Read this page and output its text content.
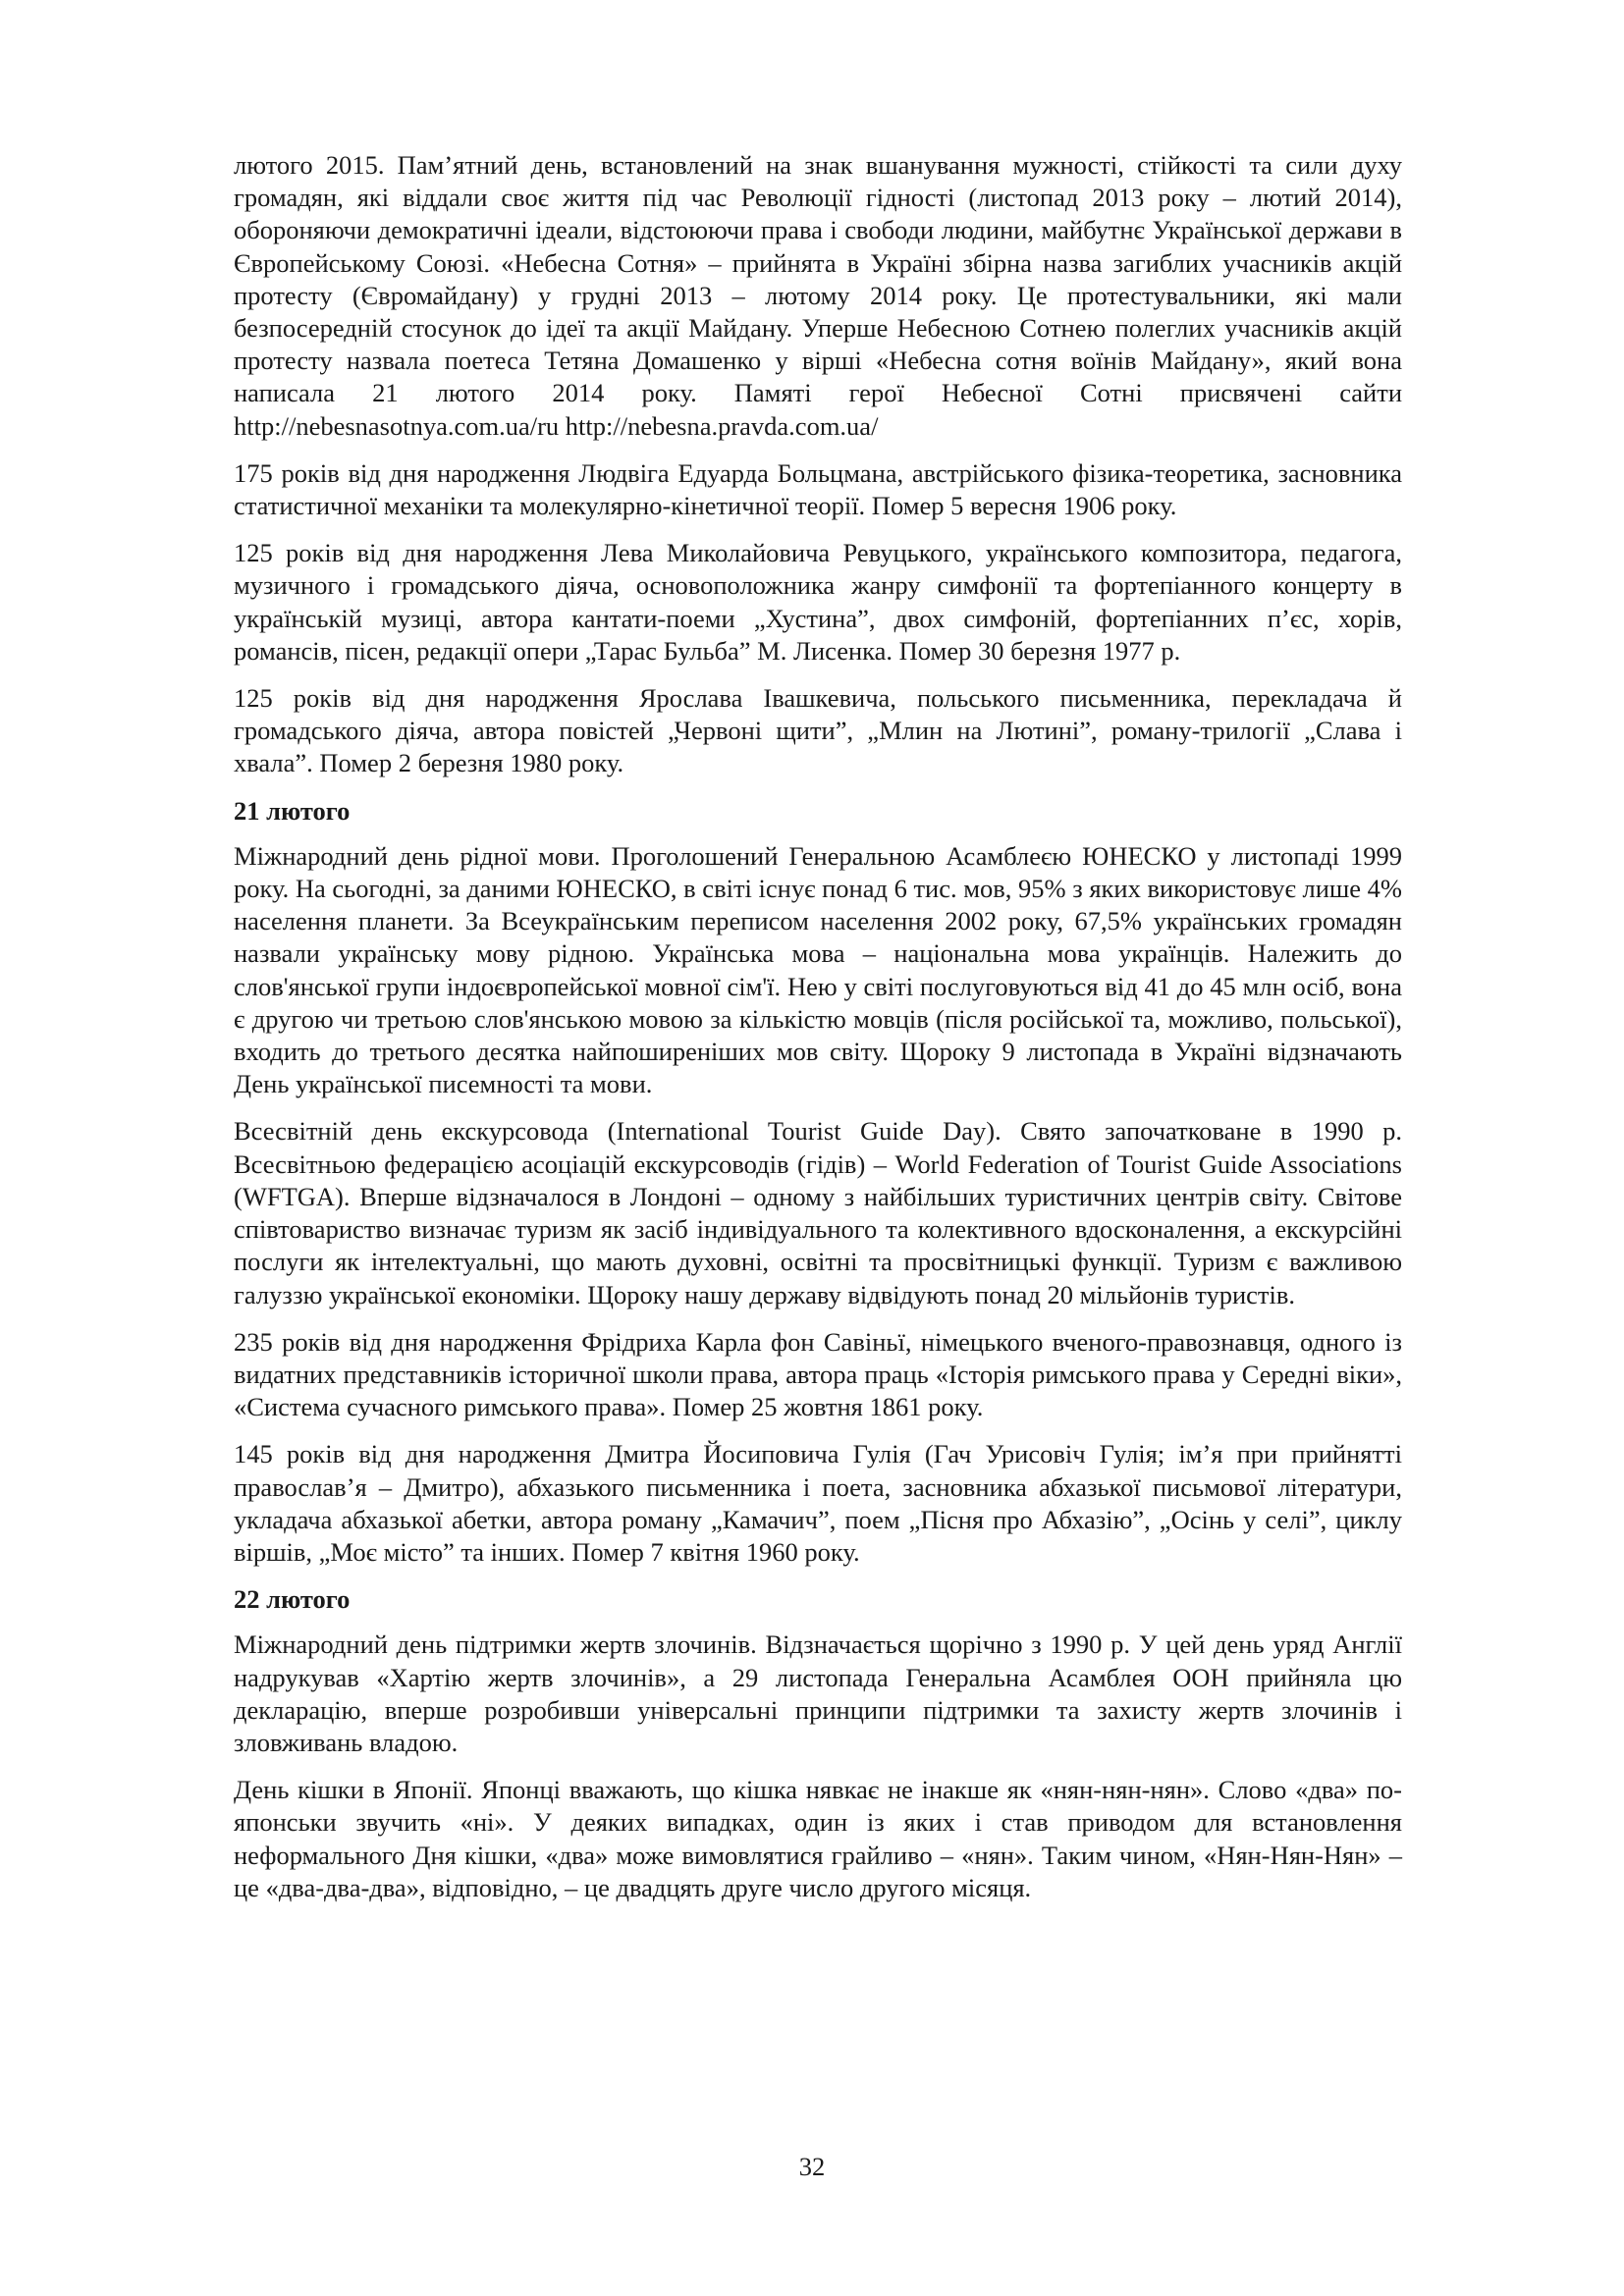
лютого 2015. Пам’ятний день, встановлений на знак вшанування мужності, стійкості та сили духу громадян, які віддали своє життя під час Революції гідності (листопад 2013 року – лютий 2014), обороняючи демократичні ідеали, відстоюючи права і свободи людини, майбутнє Української держави в Європейському Союзі. «Небесна Сотня» – прийнята в Україні збірна назва загиблих учасників акцій протесту (Євромайдану) у грудні 2013 – лютому 2014 року. Це протестувальники, які мали безпосередній стосунок до ідеї та акції Майдану. Уперше Небесною Сотнею полеглих учасників акцій протесту назвала поетеса Тетяна Домашенко у вірші «Небесна сотня воїнів Майдану», який вона написала 21 лютого 2014 року. Памяті герої Небесної Сотні присвячені сайти http://nebesnasotnya.com.ua/ru http://nebesna.pravda.com.ua/

175 років від дня народження Людвіга Едуарда Больцмана, австрійського фізика-теоретика, засновника статистичної механіки та молекулярно-кінетичної теорії. Помер 5 вересня 1906 року.

125 років від дня народження Лева Миколайовича Ревуцького, українського композитора, педагога, музичного і громадського діяча, основоположника жанру симфонії та фортепіанного концерту в українській музиці, автора кантати-поеми „Хустина”, двох симфоній, фортепіанних п’єс, хорів, романсів, пісен, редакції опери „Тарас Бульба” М. Лисенка. Помер 30 березня 1977 р.

125 років від дня народження Ярослава Івашкевича, польського письменника, перекладача й громадського діяча, автора повістей „Червоні щити”, „Млин на Лютині”, роману-трилогії „Слава і хвала”. Помер 2 березня 1980 року.

21 лютого

Міжнародний день рідної мови. Проголошений Генеральною Асамблеєю ЮНЕСКО у листопаді 1999 року. На сьогодні, за даними ЮНЕСКО, в світі існує понад 6 тис. мов, 95% з яких використовує лише 4% населення планети. За Всеукраїнським переписом населення 2002 року, 67,5% українських громадян назвали українську мову рідною. Українська мова – національна мова українців. Належить до слов'янської групи індоєвропейської мовної сім'ї. Нею у світі послуговуються від 41 до 45 млн осіб, вона є другою чи третьою слов'янською мовою за кількістю мовців (після російської та, можливо, польської), входить до третього десятка найпоширеніших мов світу. Щороку 9 листопада в Україні відзначають День української писемності та мови.

Всесвітній день екскурсовода (International Tourist Guide Day). Свято започатковане в 1990 р. Всесвітньою федерацією асоціацій екскурсоводів (гідів) – World Federation of Tourist Guide Associations (WFTGA). Вперше відзначалося в Лондоні – одному з найбільших туристичних центрів світу. Світове співтовариство визначає туризм як засіб індивідуального та колективного вдосконалення, а екскурсійні послуги як інтелектуальні, що мають духовні, освітні та просвітницькі функції. Туризм є важливою галуззю української економіки. Щороку нашу державу відвідують понад 20 мільйонів туристів.

235 років від дня народження Фрідриха Карла фон Савіньї, німецького вченого-правознавця, одного із видатних представників історичної школи права, автора праць «Історія римського права у Середні віки», «Система сучасного римського права». Помер 25 жовтня 1861 року.

145 років від дня народження Дмитра Йосиповича Гулія (Гач Урисовіч Гулія; ім’я при прийнятті православ’я – Дмитро), абхазького письменника і поета, засновника абхазької письмової літератури, укладача абхазької абетки, автора роману „Камачич”, поем „Пісня про Абхазію”, „Осінь у селі”, циклу віршів, „Моє місто” та інших. Помер 7 квітня 1960 року.

22 лютого

Міжнародний день підтримки жертв злочинів. Відзначається щорічно з 1990 р. У цей день уряд Англії надрукував «Хартію жертв злочинів», а 29 листопада Генеральна Асамблея ООН прийняла цю декларацію, вперше розробивши універсальні принципи підтримки та захисту жертв злочинів і зловживань владою.

День кішки в Японії. Японці вважають, що кішка нявкає не інакше як «нян-нян-нян». Слово «два» по-японськи звучить «ні». У деяких випадках, один із яких і став приводом для встановлення неформального Дня кішки, «два» може вимовлятися грайливо – «нян». Таким чином, «Нян-Нян-Нян» – це «два-два-два», відповідно, – це двадцять друге число другого місяця.

32
